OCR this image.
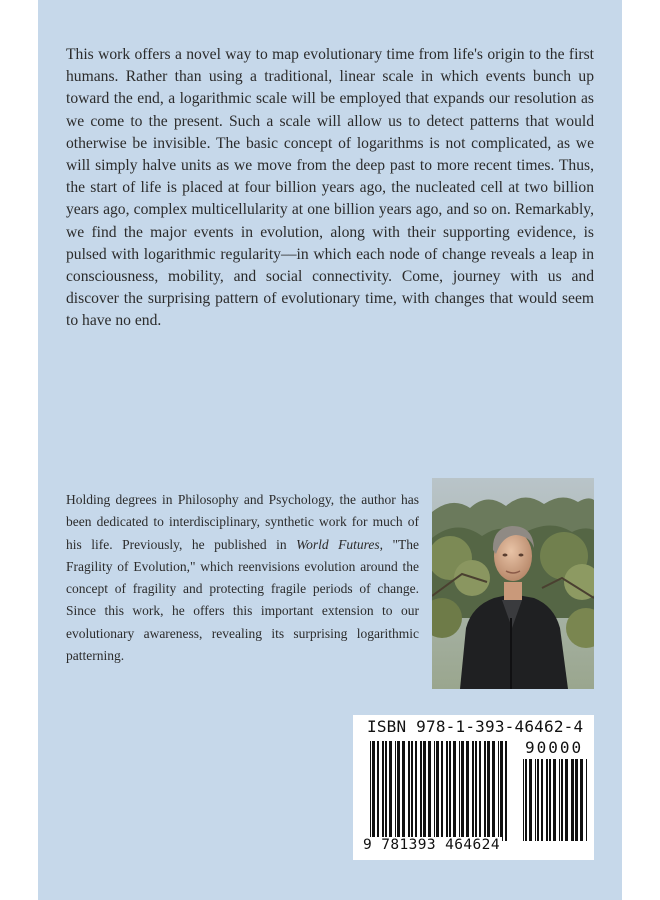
This work offers a novel way to map evolutionary time from life's origin to the first humans. Rather than using a traditional, linear scale in which events bunch up toward the end, a logarithmic scale will be employed that expands our resolution as we come to the present. Such a scale will allow us to detect patterns that would otherwise be invisible. The basic concept of logarithms is not complicated, as we will simply halve units as we move from the deep past to more recent times. Thus, the start of life is placed at four billion years ago, the nucleated cell at two billion years ago, complex multicellularity at one billion years ago, and so on. Remarkably, we find the major events in evolution, along with their supporting evidence, is pulsed with logarithmic regularity––in which each node of change reveals a leap in consciousness, mobility, and social connectivity. Come, journey with us and discover the surprising pattern of evolutionary time, with changes that would seem to have no end.

Holding degrees in Philosophy and Psychology, the author has been dedicated to interdisciplinary, synthetic work for much of his life. Previously, he published in World Futures, "The Fragility of Evolution," which reenvisions evolution around the concept of fragility and protecting fragile periods of change. Since this work, he offers this important extension to our evolutionary awareness, revealing its surprising logarithmic patterning.

ISBN 978-1-393-46462-4
90000
9 781393 464624
